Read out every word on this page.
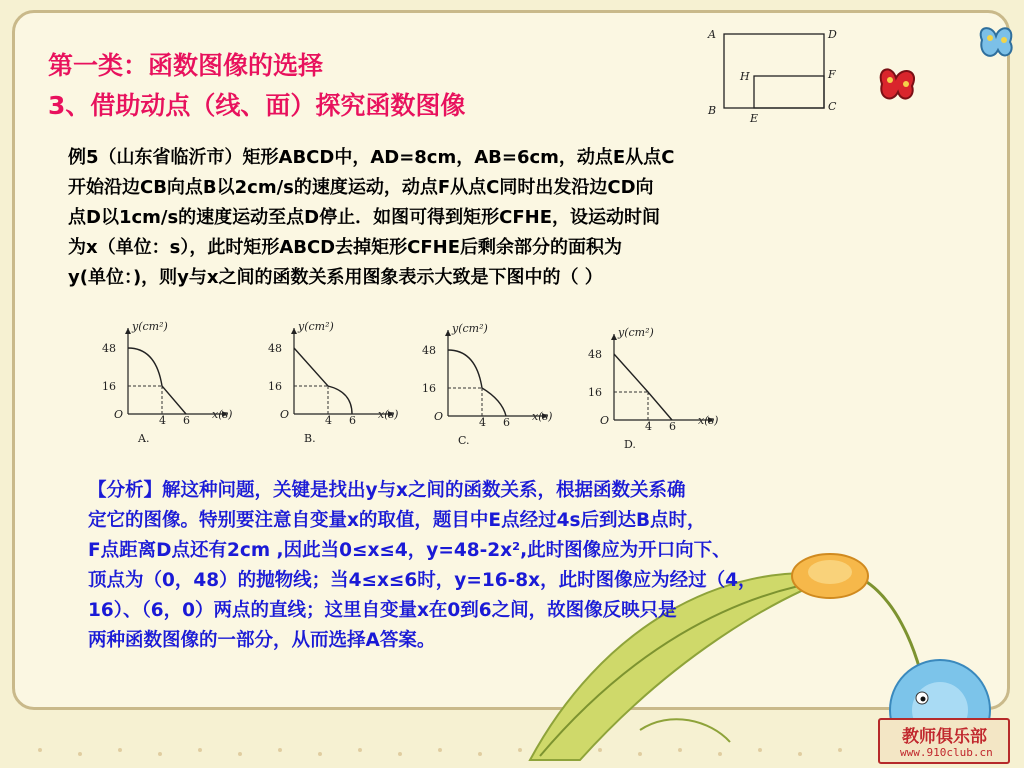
第一类：函数图像的选择
3、借助动点（线、面）探究函数图像
A	D
H	F
B
E
C
例5（山东省临沂市）矩形ABCD中，AD=8cm，AB=6cm，动点E从点C
开始沿边CB向点B以2cm/s的速度运动，动点F从点C同时出发沿边CD向
点D以1cm/s的速度运动至点D停止．如图可得到矩形CFHE，设运动时间
为x（单位：s），此时矩形ABCD去掉矩形CFHE后剩余部分的面积为
y(单位：)，则y与x之间的函数关系用图象表示大致是下图中的（ ）
y(cm²)
48
16
O	4 6 x(s)
A.
y(cm²)
48
16
O	4 6 x(s)
B.
y(cm²)
48
16
O	4 6 x(s)
C.
y(cm²)
48
16
O	4 6 x(s)
D.
【分析】解这种问题，关键是找出y与x之间的函数关系，根据函数关系确
定它的图像。特别要注意自变量x的取值，题目中E点经过4s后到达B点时，
F点距离D点还有2cm ,因此当0≤x≤4，y=48-2x²,此时图像应为开口向下、
顶点为（0，48）的抛物线；当4≤x≤6时，y=16-8x，此时图像应为经过（4，
16）、（6，0）两点的直线；这里自变量x在0到6之间，故图像反映只是
两种函数图像的一部分，从而选择A答案。
教师俱乐部
www.910club.cn
